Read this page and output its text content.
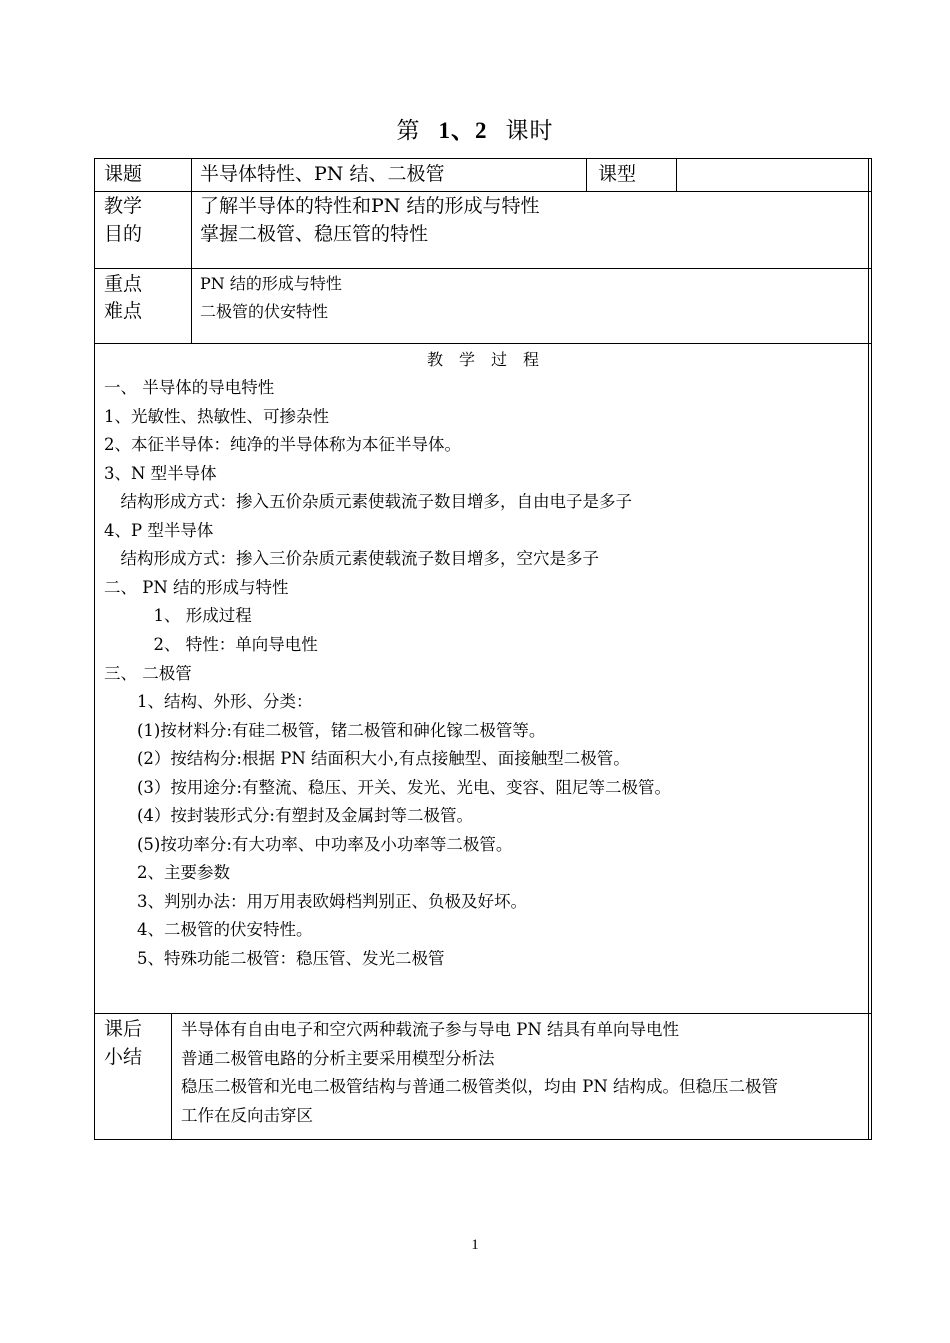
第 1、2 课时
课题	半导体特性、PN 结、二极管	课型
教学
目的
了解半导体的特性和PN 结的形成与特性
掌握二极管、稳压管的特性
重点
难点
PN 结的形成与特性
二极管的伏安特性
教　学　过　程
一、 半导体的导电特性
1、光敏性、热敏性、可掺杂性
2、本征半导体：纯净的半导体称为本征半导体。
3、N 型半导体
　结构形成方式：掺入五价杂质元素使载流子数目增多，自由电子是多子
4、P 型半导体
　结构形成方式：掺入三价杂质元素使载流子数目增多，空穴是多子
二、 PN 结的形成与特性
　　　1、 形成过程
　　　2、 特性：单向导电性
三、 二极管
　　1、结构、外形、分类：
　　(1)按材料分:有硅二极管，锗二极管和砷化镓二极管等。
　　(2）按结构分:根据 PN 结面积大小,有点接触型、面接触型二极管。
　　(3）按用途分:有整流、稳压、开关、发光、光电、变容、阻尼等二极管。
　　(4）按封装形式分:有塑封及金属封等二极管。
　　(5)按功率分:有大功率、中功率及小功率等二极管。
　　2、主要参数
　　3、判别办法：用万用表欧姆档判别正、负极及好坏。
　　4、二极管的伏安特性。
　　5、特殊功能二极管：稳压管、发光二极管
课后
小结
半导体有自由电子和空穴两种载流子参与导电 PN 结具有单向导电性
普通二极管电路的分析主要采用模型分析法
稳压二极管和光电二极管结构与普通二极管类似，均由 PN 结构成。但稳压二极管
工作在反向击穿区
1
